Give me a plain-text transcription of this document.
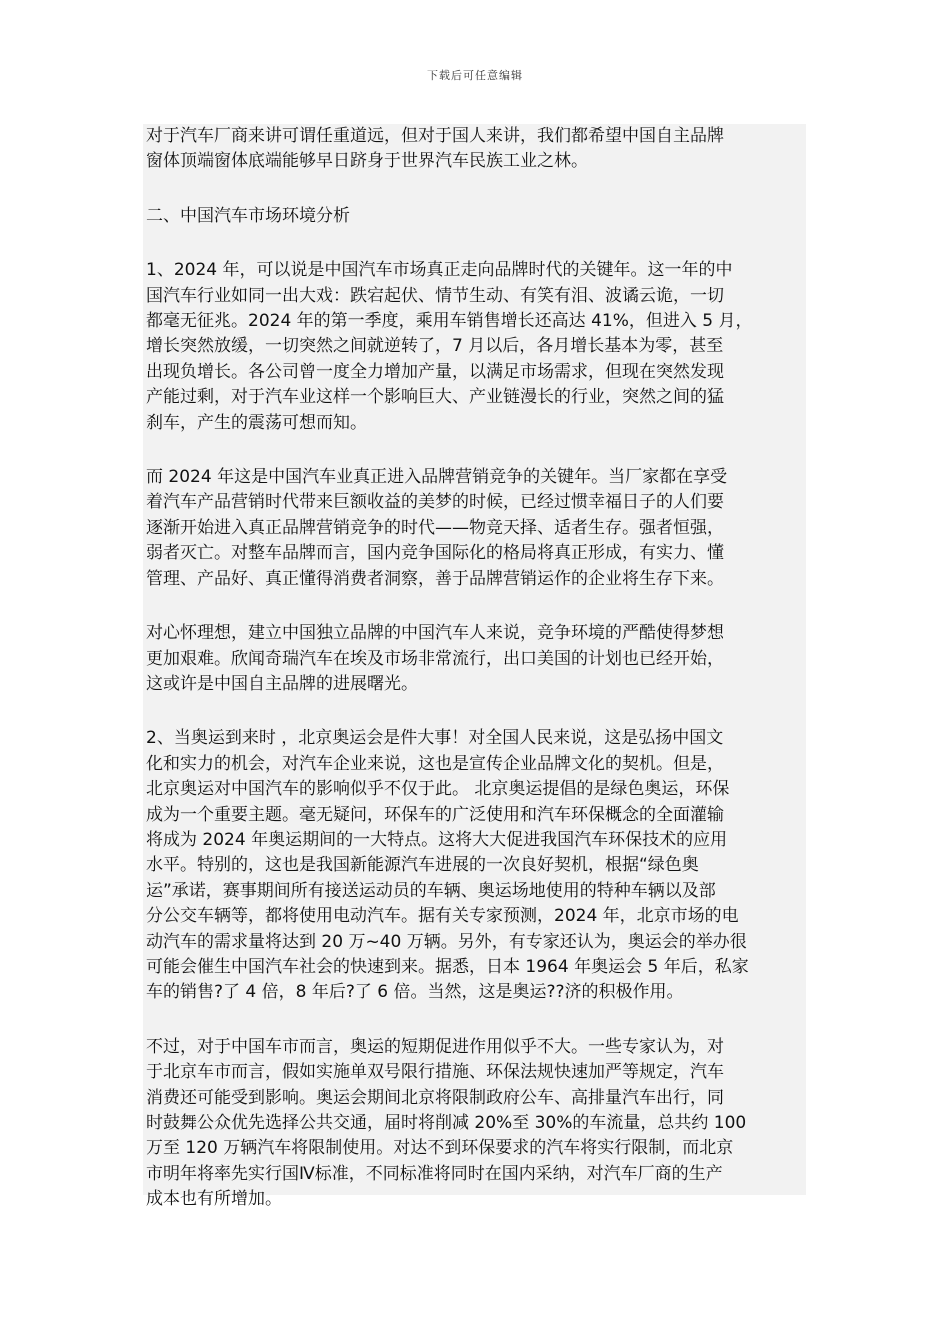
下载后可任意编辑

对于汽车厂商来讲可谓任重道远，但对于国人来讲，我们都希望中国自主品牌
窗体顶端窗体底端能够早日跻身于世界汽车民族工业之林。

二、中国汽车市场环境分析

1、2024 年，可以说是中国汽车市场真正走向品牌时代的关键年。这一年的中
国汽车行业如同一出大戏：跌宕起伏、情节生动、有笑有泪、波谲云诡，一切
都毫无征兆。2024 年的第一季度，乘用车销售增长还高达 41%，但进入 5 月，
增长突然放缓，一切突然之间就逆转了，7 月以后，各月增长基本为零，甚至
出现负增长。各公司曾一度全力增加产量，以满足市场需求，但现在突然发现
产能过剩，对于汽车业这样一个影响巨大、产业链漫长的行业，突然之间的猛
刹车，产生的震荡可想而知。

而 2024 年这是中国汽车业真正进入品牌营销竞争的关键年。当厂家都在享受
着汽车产品营销时代带来巨额收益的美梦的时候，已经过惯幸福日子的人们要
逐渐开始进入真正品牌营销竞争的时代——物竞天择、适者生存。强者恒强，
弱者灭亡。对整车品牌而言，国内竞争国际化的格局将真正形成，有实力、懂
管理、产品好、真正懂得消费者洞察，善于品牌营销运作的企业将生存下来。

对心怀理想，建立中国独立品牌的中国汽车人来说，竞争环境的严酷使得梦想
更加艰难。欣闻奇瑞汽车在埃及市场非常流行，出口美国的计划也已经开始，
这或许是中国自主品牌的进展曙光。

2、当奥运到来时 ，北京奥运会是件大事！对全国人民来说，这是弘扬中国文
化和实力的机会，对汽车企业来说，这也是宣传企业品牌文化的契机。但是，
北京奥运对中国汽车的影响似乎不仅于此。 北京奥运提倡的是绿色奥运，环保
成为一个重要主题。毫无疑问，环保车的广泛使用和汽车环保概念的全面灌输
将成为 2024 年奥运期间的一大特点。这将大大促进我国汽车环保技术的应用
水平。特别的，这也是我国新能源汽车进展的一次良好契机，根据“绿色奥
运”承诺，赛事期间所有接送运动员的车辆、奥运场地使用的特种车辆以及部
分公交车辆等，都将使用电动汽车。据有关专家预测，2024 年，北京市场的电
动汽车的需求量将达到 20 万~40 万辆。另外，有专家还认为，奥运会的举办很
可能会催生中国汽车社会的快速到来。据悉，日本 1964 年奥运会 5 年后，私家
车的销售?了 4 倍，8 年后?了 6 倍。当然，这是奥运??济的积极作用。

不过，对于中国车市而言，奥运的短期促进作用似乎不大。一些专家认为，对
于北京车市而言，假如实施单双号限行措施、环保法规快速加严等规定，汽车
消费还可能受到影响。奥运会期间北京将限制政府公车、高排量汽车出行，同
时鼓舞公众优先选择公共交通，届时将削减 20%至 30%的车流量，总共约 100
万至 120 万辆汽车将限制使用。对达不到环保要求的汽车将实行限制，而北京
市明年将率先实行国Ⅳ标准，不同标准将同时在国内采纳，对汽车厂商的生产
成本也有所增加。
